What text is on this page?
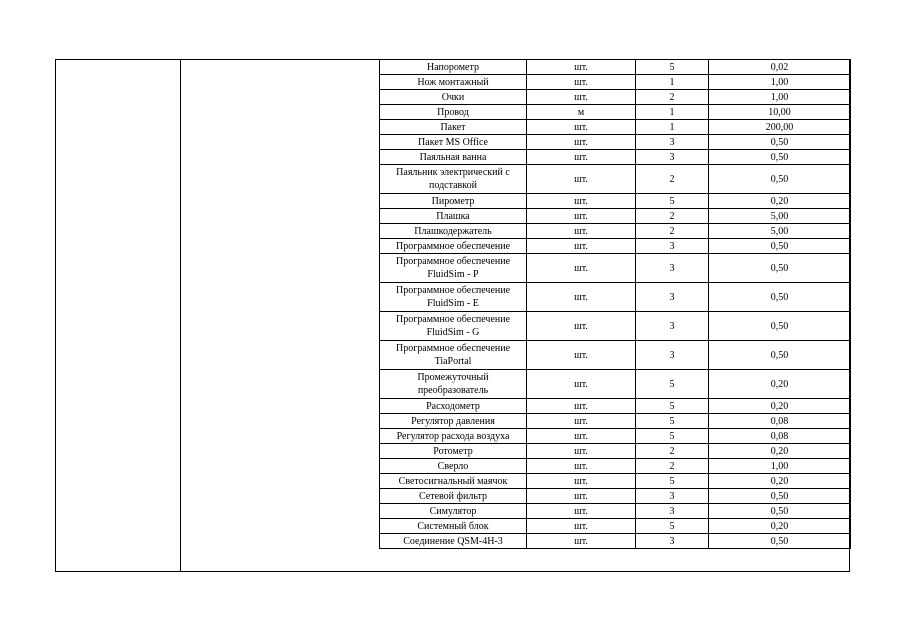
Напорометр	шт.	5	0,02
Нож монтажный	шт.	1	1,00
Очки	шт.	2	1,00
Провод	м	1	10,00
Пакет	шт.	1	200,00
Пакет MS Office	шт.	3	0,50
Паяльная ванна	шт.	3	0,50
Паяльник электрический с подставкой	шт.	2	0,50
Пирометр	шт.	5	0,20
Плашка	шт.	2	5,00
Плашкодержатель	шт.	2	5,00
Программное обеспечение	шт.	3	0,50
Программное обеспечение FluidSim - P	шт.	3	0,50
Программное обеспечение FluidSim - E	шт.	3	0,50
Программное обеспечение FluidSim - G	шт.	3	0,50
Программное обеспечение TiaPortal	шт.	3	0,50
Промежуточный преобразователь	шт.	5	0,20
Расходометр	шт.	5	0,20
Регулятор давления	шт.	5	0,08
Регулятор расхода воздуха	шт.	5	0,08
Ротометр	шт.	2	0,20
Сверло	шт.	2	1,00
Светосигнальный маячок	шт.	5	0,20
Сетевой фильтр	шт.	3	0,50
Симулятор	шт.	3	0,50
Системный блок	шт.	5	0,20
Соединение QSM-4H-3	шт.	3	0,50
